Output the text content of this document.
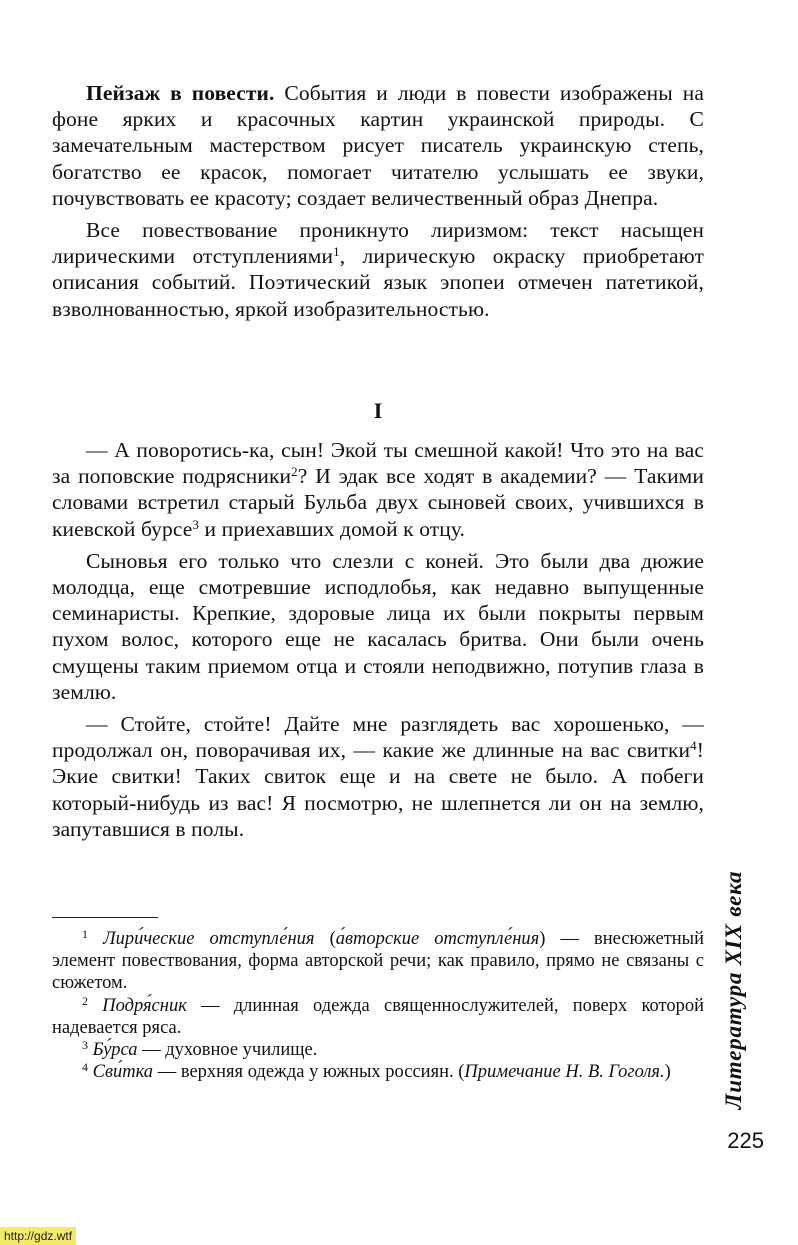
Пейзаж в повести. События и люди в повести изображены на фоне ярких и красочных картин украинской природы. С замечательным мастерством рисует писатель украинскую степь, богатство ее красок, помогает читателю услышать ее звуки, почувствовать ее красоту; создает величественный образ Днепра.

Все повествование проникнуто лиризмом: текст насыщен лирическими отступлениями$^1$, лирическую окраску приобретают описания событий. Поэтический язык эпопеи отмечен патетикой, взволнованностью, яркой изобразительностью.

I

— А поворотись-ка, сын! Экой ты смешной какой! Что это на вас за поповские подрясники$^2$? И эдак все ходят в академии? — Такими словами встретил старый Бульба двух сыновей своих, учившихся в киевской бурсе$^3$ и приехавших домой к отцу.

Сыновья его только что слезли с коней. Это были два дюжие молодца, еще смотревшие исподлобья, как недавно выпущенные семинаристы. Крепкие, здоровые лица их были покрыты первым пухом волос, которого еще не касалась бритва. Они были очень смущены таким приемом отца и стояли неподвижно, потупив глаза в землю.

— Стойте, стойте! Дайте мне разглядеть вас хорошенько, — продолжал он, поворачивая их, — какие же длинные на вас свитки$^4$! Экие свитки! Таких свиток еще и на свете не было. А побеги который-нибудь из вас! Я посмотрю, не шлепнется ли он на землю, запутавшися в полы.

$^1$ Лири́ческие отступле́ния (а́вторские отступле́ния) — внесюжетный элемент повествования, форма авторской речи; как правило, прямо не связаны с сюжетом.

$^2$ Подря́сник — длинная одежда священнослужителей, поверх которой надевается ряса.

$^3$ Бу́рса — духовное училище.

$^4$ Сви́тка — верхняя одежда у южных россиян. (Примечание Н. В. Гоголя.)	Литература XIX века
225
http://gdz.wtf
